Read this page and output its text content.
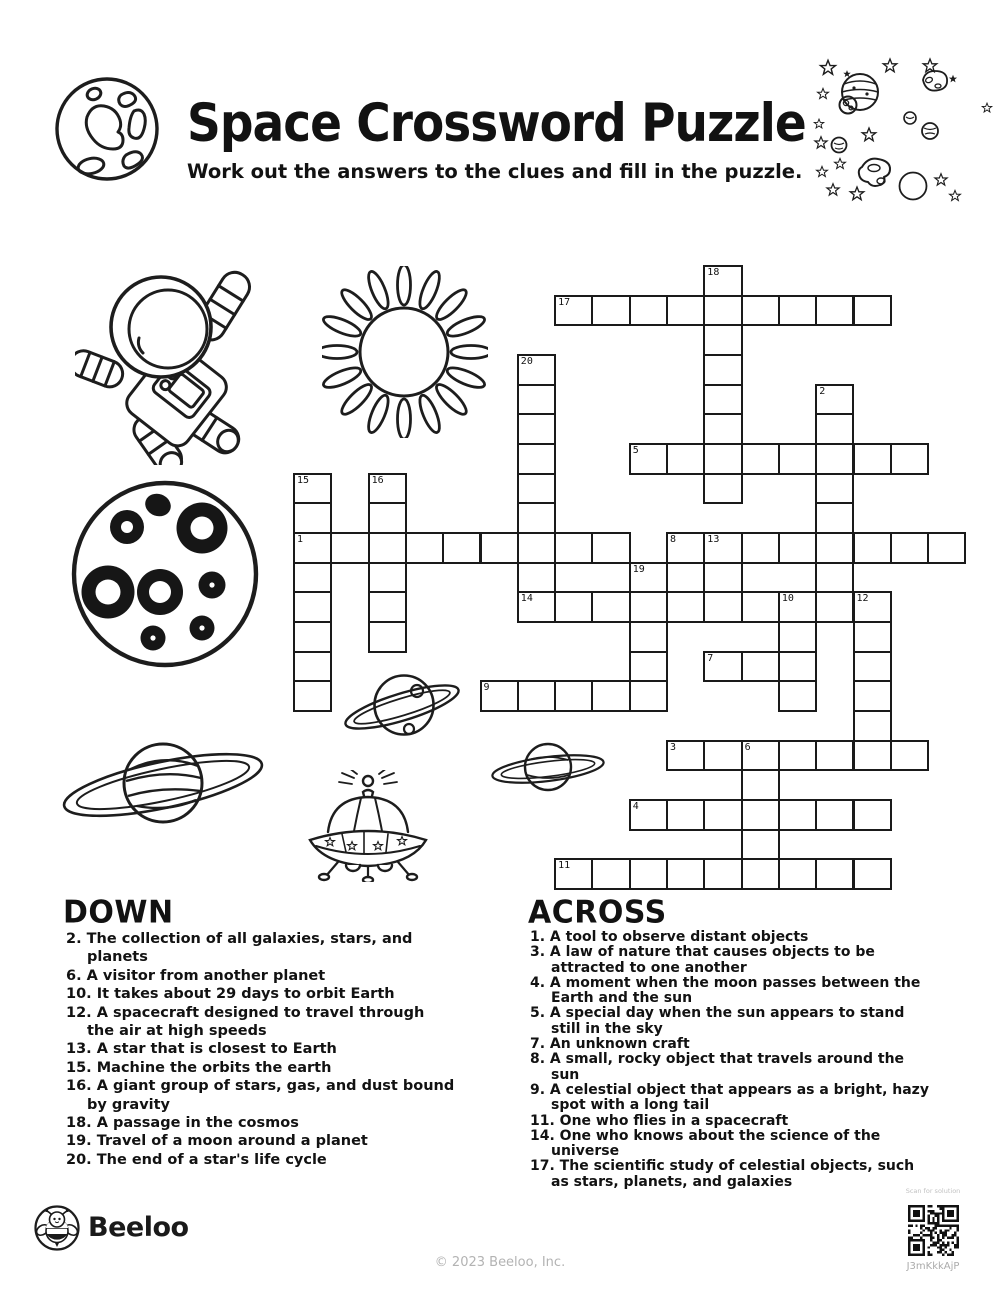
Space Crossword Puzzle
Work out the answers to the clues and fill in the puzzle.
17
5
1	8	13
14	10	12
7
9
3	6
4
11
18
20
2
15	16
19
DOWN
2. The collection of all galaxies, stars, and planets
6. A visitor from another planet
10. It takes about 29 days to orbit Earth
12. A spacecraft designed to travel through the air at high speeds
13. A star that is closest to Earth
15. Machine the orbits the earth
16. A giant group of stars, gas, and dust bound by gravity
18. A passage in the cosmos
19. Travel of a moon around a planet
20. The end of a star's life cycle
ACROSS
1. A tool to observe distant objects
3. A law of nature that causes objects to be attracted to one another
4. A moment when the moon passes between the Earth and the sun
5. A special day when the sun appears to stand still in the sky
7. An unknown craft
8. A small, rocky object that travels around the sun
9. A celestial object that appears as a bright, hazy spot with a long tail
11. One who flies in a spacecraft
14. One who knows about the science of the universe
17. The scientific study of celestial objects, such as stars, planets, and galaxies
Beeloo
© 2023 Beeloo, Inc.
Scan for solution
J3mKkkAjP
